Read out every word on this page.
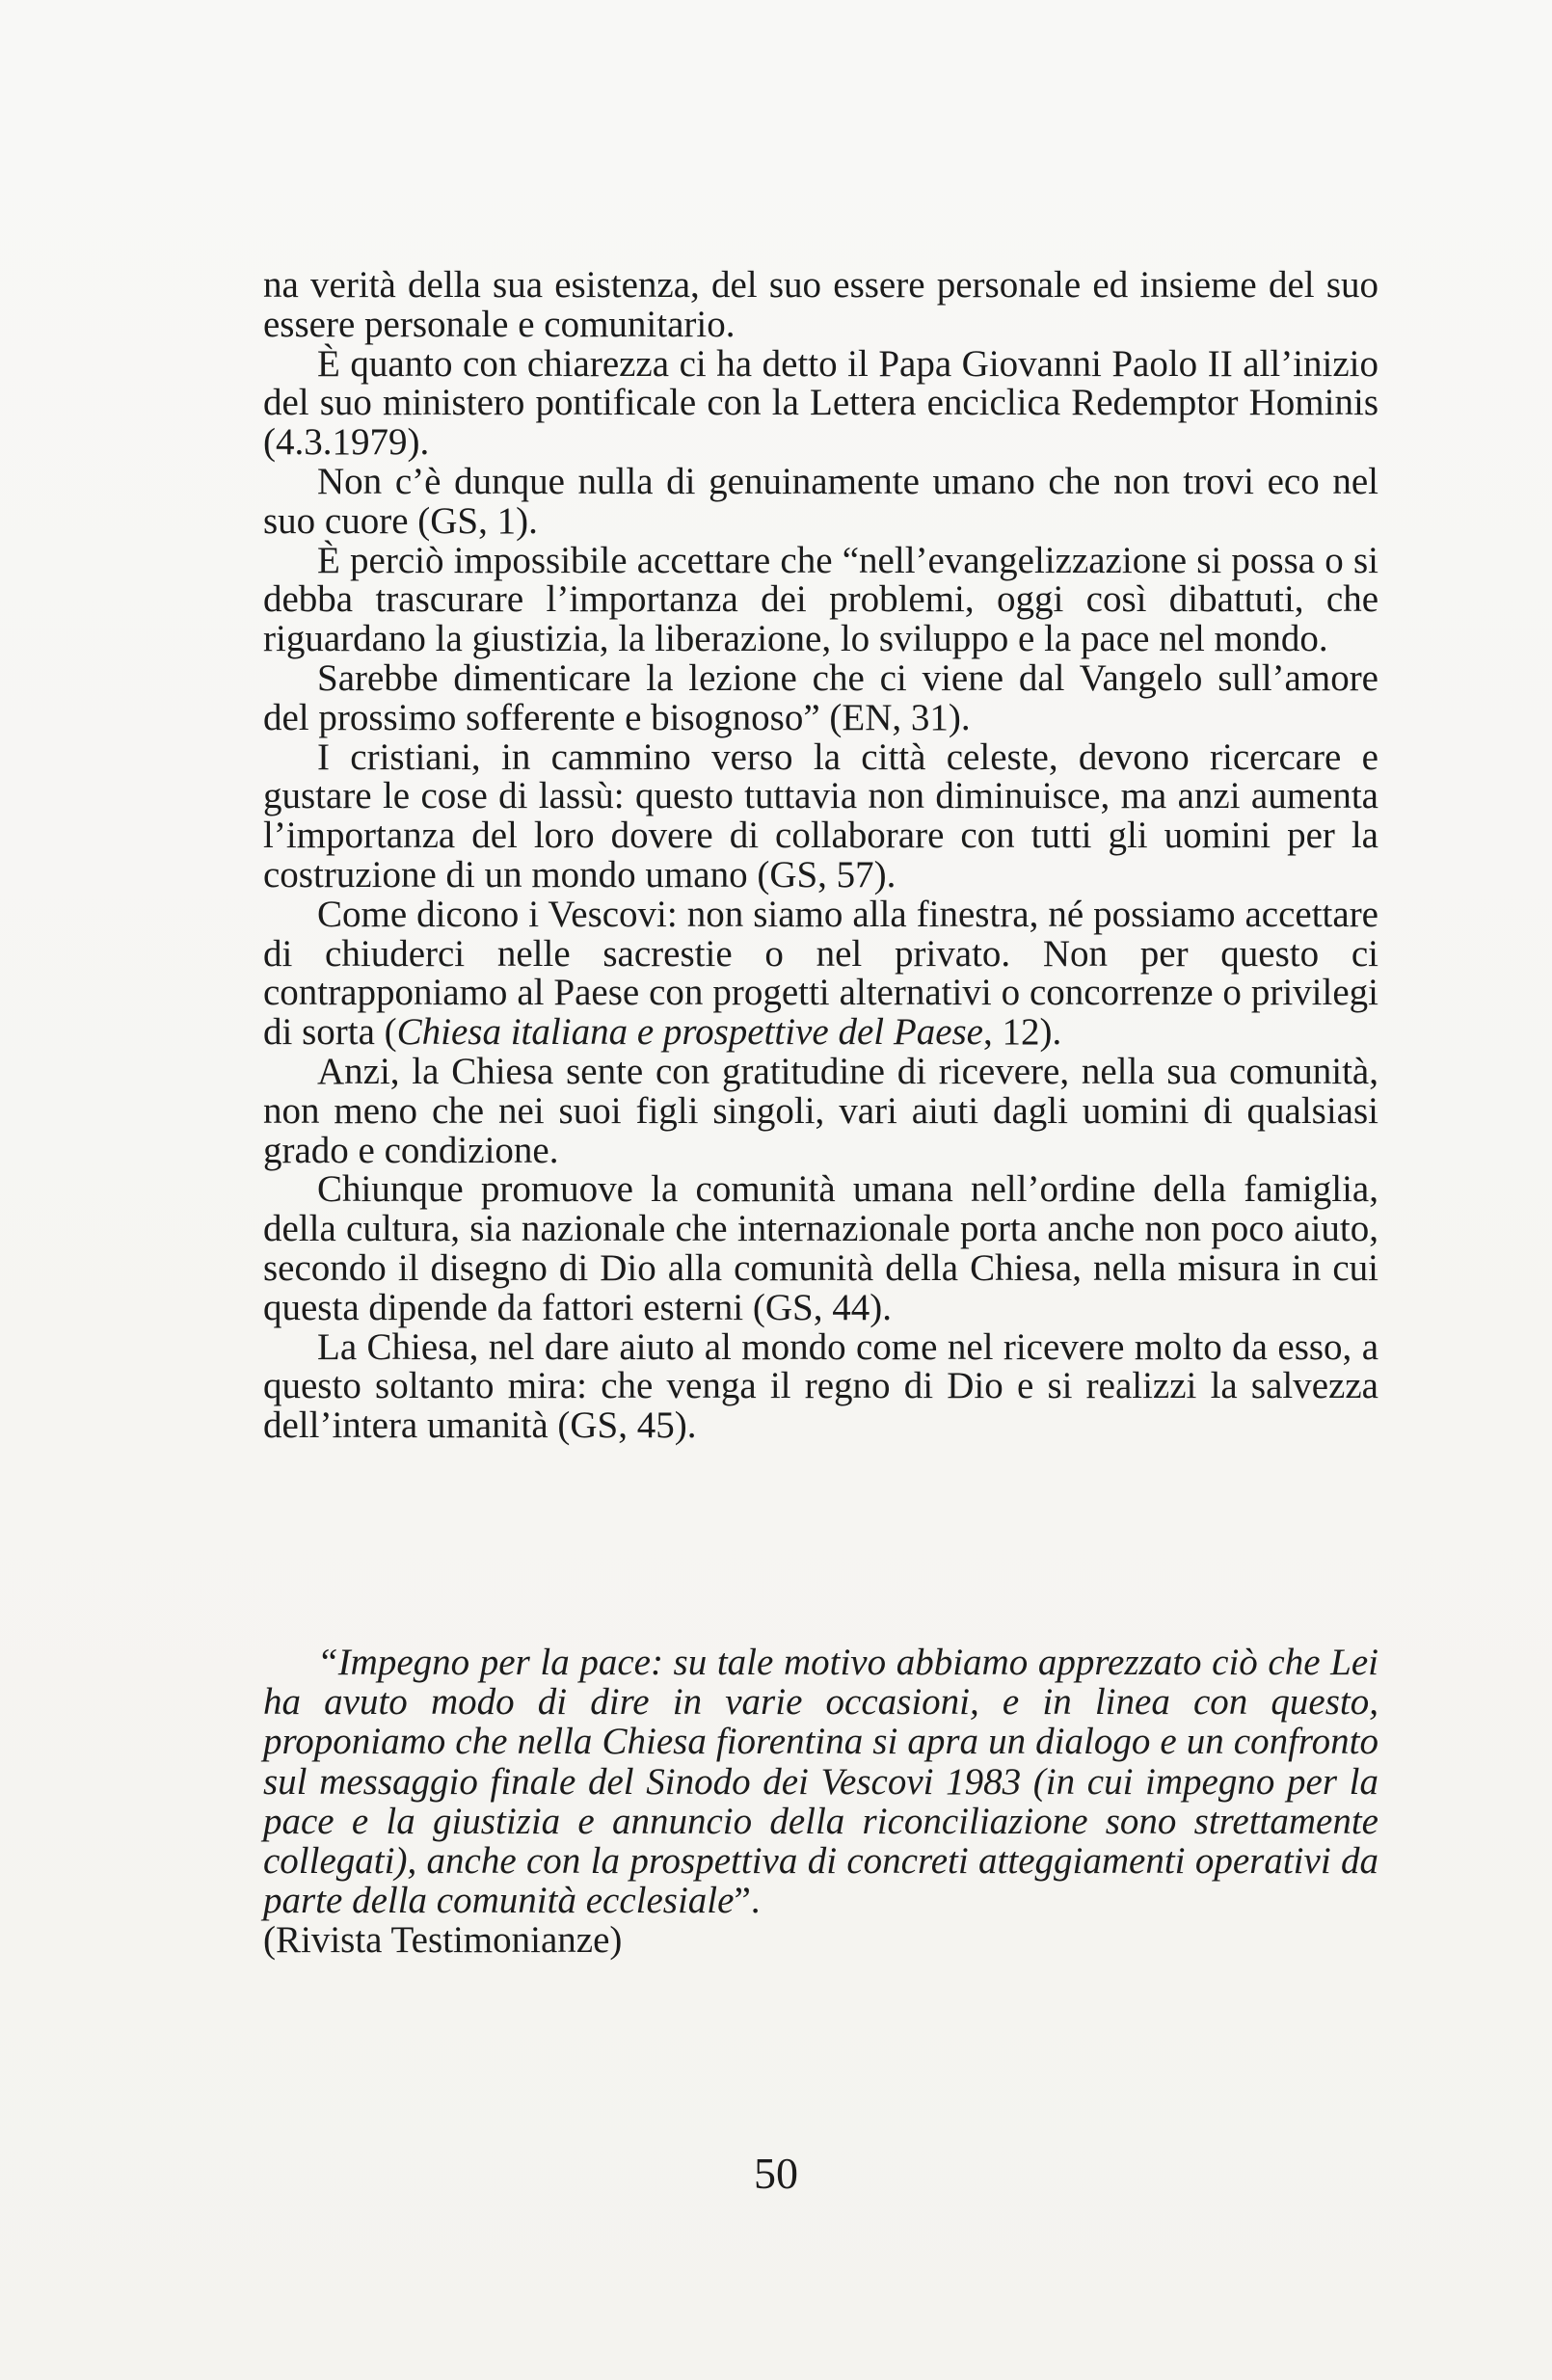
na verità della sua esistenza, del suo essere personale ed insieme del suo essere personale e comunitario.

È quanto con chiarezza ci ha detto il Papa Giovanni Paolo II all’inizio del suo ministero pontificale con la Lettera enciclica Redemptor Hominis (4.3.1979).

Non c’è dunque nulla di genuinamente umano che non trovi eco nel suo cuore (GS, 1).

È perciò impossibile accettare che “nell’evangelizzazione si possa o si debba trascurare l’importanza dei problemi, oggi così dibattuti, che riguardano la giustizia, la liberazione, lo sviluppo e la pace nel mondo.

Sarebbe dimenticare la lezione che ci viene dal Vangelo sull’amore del prossimo sofferente e bisognoso” (EN, 31).

I cristiani, in cammino verso la città celeste, devono ricercare e gustare le cose di lassù: questo tuttavia non diminuisce, ma anzi aumenta l’importanza del loro dovere di collaborare con tutti gli uomini per la costruzione di un mondo umano (GS, 57).

Come dicono i Vescovi: non siamo alla finestra, né possiamo accettare di chiuderci nelle sacrestie o nel privato. Non per questo ci contrapponiamo al Paese con progetti alternativi o concorrenze o privilegi di sorta (Chiesa italiana e prospettive del Paese, 12).

Anzi, la Chiesa sente con gratitudine di ricevere, nella sua comunità, non meno che nei suoi figli singoli, vari aiuti dagli uomini di qualsiasi grado e condizione.

Chiunque promuove la comunità umana nell’ordine della famiglia, della cultura, sia nazionale che internazionale porta anche non poco aiuto, secondo il disegno di Dio alla comunità della Chiesa, nella misura in cui questa dipende da fattori esterni (GS, 44).

La Chiesa, nel dare aiuto al mondo come nel ricevere molto da esso, a questo soltanto mira: che venga il regno di Dio e si realizzi la salvezza dell’intera umanità (GS, 45).

“Impegno per la pace: su tale motivo abbiamo apprezzato ciò che Lei ha avuto modo di dire in varie occasioni, e in linea con questo, proponiamo che nella Chiesa fiorentina si apra un dialogo e un confronto sul messaggio finale del Sinodo dei Vescovi 1983 (in cui impegno per la pace e la giustizia e annuncio della riconciliazione sono strettamente collegati), anche con la prospettiva di concreti atteggiamenti operativi da parte della comunità ecclesiale”.

(Rivista Testimonianze)

50
